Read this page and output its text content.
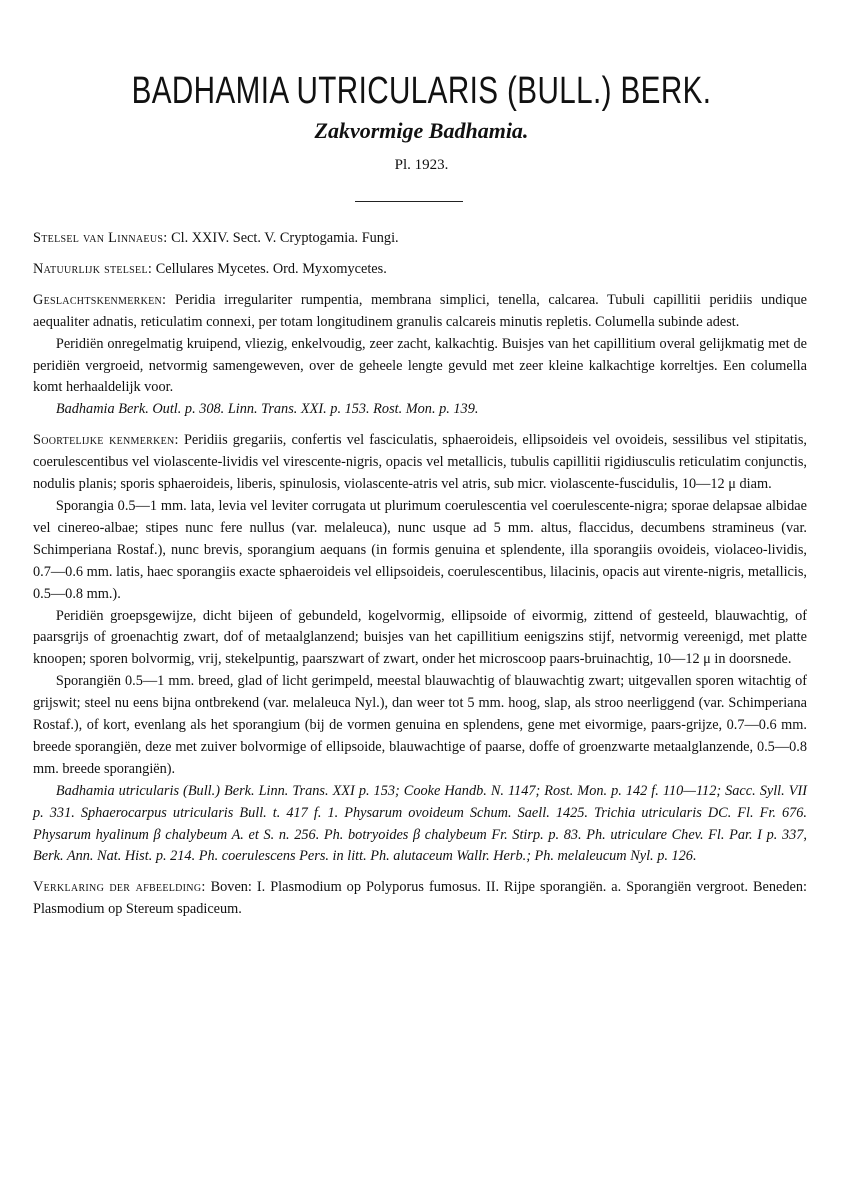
BADHAMIA UTRICULARIS (BULL.) BERK.
Zakvormige Badhamia.
Pl. 1923.

Stelsel van Linnaeus: Cl. XXIV. Sect. V. Cryptogamia. Fungi.

Natuurlijk stelsel: Cellulares Mycetes. Ord. Myxomycetes.

Geslachtskenmerken: Peridia irregulariter rumpentia, membrana simplici, tenella, calcarea. Tubuli capillitii peridiis undique aequaliter adnatis, reticulatim connexi, per totam longitudinem granulis calcareis minutis repletis. Columella subinde adest.

Peridiën onregelmatig kruipend, vliezig, enkelvoudig, zeer zacht, kalkachtig. Buisjes van het capillitium overal gelijkmatig met de peridiën vergroeid, netvormig samengeweven, over de geheele lengte gevuld met zeer kleine kalkachtige korreltjes. Een columella komt herhaaldelijk voor.

Badhamia Berk. Outl. p. 308. Linn. Trans. XXI. p. 153. Rost. Mon. p. 139.

Soortelijke kenmerken: Peridiis gregariis, confertis vel fasciculatis, sphaeroideis, ellipsoideis vel ovoideis, sessilibus vel stipitatis, coerulescentibus vel violascente-lividis vel virescente-nigris, opacis vel metallicis, tubulis capillitii rigidiusculis reticulatim conjunctis, nodulis planis; sporis sphaeroideis, liberis, spinulosis, violascente-atris vel atris, sub micr. violascente-fuscidulis, 10—12 μ diam.

Sporangia 0.5—1 mm. lata, levia vel leviter corrugata ut plurimum coerulescentia vel coerulescente-nigra; sporae delapsae albidae vel cinereo-albae; stipes nunc fere nullus (var. melaleuca), nunc usque ad 5 mm. altus, flaccidus, decumbens stramineus (var. Schimperiana Rostaf.), nunc brevis, sporangium aequans (in formis genuina et splendente, illa sporangiis ovoideis, violaceo-lividis, 0.7—0.6 mm. latis, haec sporangiis exacte sphaeroideis vel ellipsoideis, coerulescentibus, lilacinis, opacis aut virente-nigris, metallicis, 0.5—0.8 mm.).

Peridiën groepsgewijze, dicht bijeen of gebundeld, kogelvormig, ellipsoide of eivormig, zittend of gesteeld, blauwachtig, of paarsgrijs of groenachtig zwart, dof of metaalglanzend; buisjes van het capillitium eenigszins stijf, netvormig vereenigd, met platte knoopen; sporen bolvormig, vrij, stekelpuntig, paarszwart of zwart, onder het microscoop paars-bruinachtig, 10—12 μ in doorsnede.

Sporangiën 0.5—1 mm. breed, glad of licht gerimpeld, meestal blauwachtig of blauwachtig zwart; uitgevallen sporen witachtig of grijswit; steel nu eens bijna ontbrekend (var. melaleuca Nyl.), dan weer tot 5 mm. hoog, slap, als stroo neerliggend (var. Schimperiana Rostaf.), of kort, evenlang als het sporangium (bij de vormen genuina en splendens, gene met eivormige, paars-grijze, 0.7—0.6 mm. breede sporangiën, deze met zuiver bolvormige of ellipsoide, blauwachtige of paarse, doffe of groenzwarte metaalglanzende, 0.5—0.8 mm. breede sporangiën).

Badhamia utricularis (Bull.) Berk. Linn. Trans. XXI p. 153; Cooke Handb. N. 1147; Rost. Mon. p. 142 f. 110—112; Sacc. Syll. VII p. 331. Sphaerocarpus utricularis Bull. t. 417 f. 1. Physarum ovoideum Schum. Saell. 1425. Trichia utricularis DC. Fl. Fr. 676. Physarum hyalinum β chalybeum A. et S. n. 256. Ph. botryoides β chalybeum Fr. Stirp. p. 83. Ph. utriculare Chev. Fl. Par. I p. 337, Berk. Ann. Nat. Hist. p. 214. Ph. coerulescens Pers. in litt. Ph. alutaceum Wallr. Herb.; Ph. melaleucum Nyl. p. 126.

Verklaring der afbeelding: Boven: I. Plasmodium op Polyporus fumosus. II. Rijpe sporangiën. a. Sporangiën vergroot. Beneden: Plasmodium op Stereum spadiceum.
